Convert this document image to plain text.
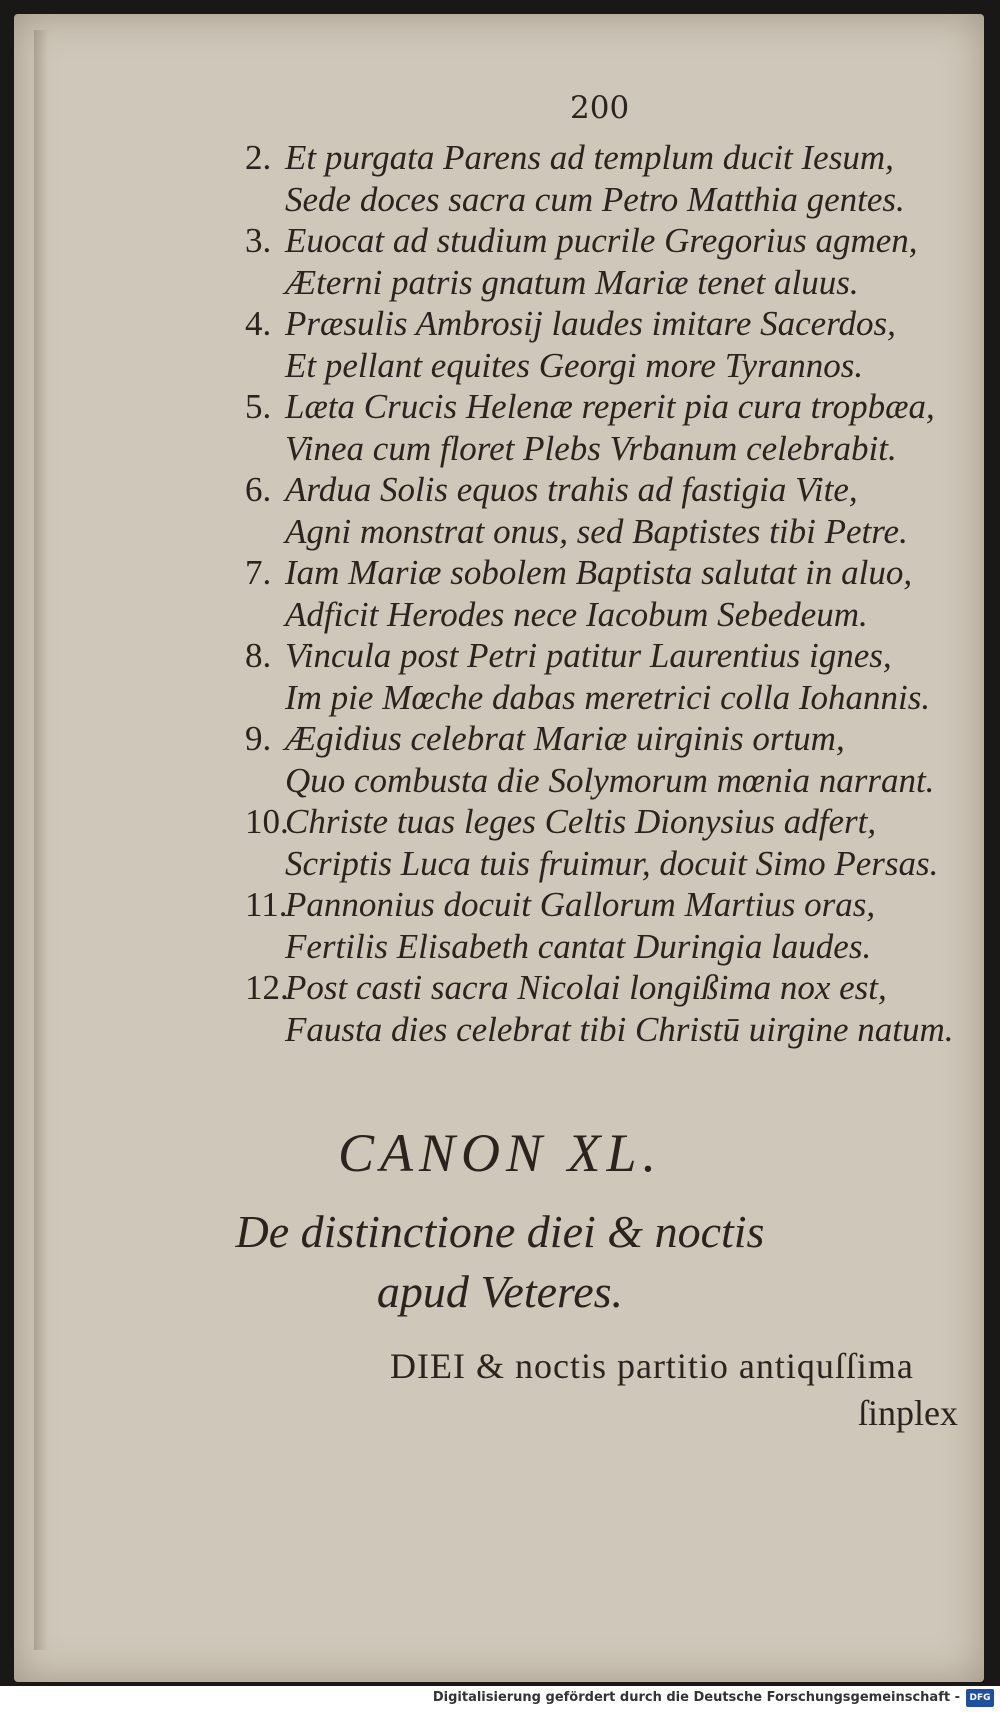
200
2. Et purgata Parens ad templum ducit Iesum,
Sede doces sacra cum Petro Matthia gentes.
3. Euocat ad studium pucrile Gregorius agmen,
Æterni patris gnatum Mariæ tenet aluus.
4. Præsulis Ambrosij laudes imitare Sacerdos,
Et pellant equites Georgi more Tyrannos.
5. Læta Crucis Helenæ reperit pia cura tropbæa,
Vinea cum floret Plebs Vrbanum celebrabit.
6. Ardua Solis equos trahis ad fastigia Vite,
Agni monstrat onus, sed Baptistes tibi Petre.
7. Iam Mariæ sobolem Baptista salutat in aluo,
Adficit Herodes nece Iacobum Sebedeum.
8. Vincula post Petri patitur Laurentius ignes,
Im pie Mœche dabas meretrici colla Iohannis.
9. Ægidius celebrat Mariæ uirginis ortum,
Quo combusta die Solymorum mœnia narrant.
10.Christe tuas leges Celtis Dionysius adfert,
Scriptis Luca tuis fruimur, docuit Simo Persas.
11.Pannonius docuit Gallorum Martius oras,
Fertilis Elisabeth cantat Duringia laudes.
12.Post casti sacra Nicolai longißima nox est,
Fausta dies celebrat tibi Christū uirgine natum.
CANON XL.
De distinctione diei & noctis
apud Veteres.
DIEI & noctis partitio antiquſſima
ſinplex
Digitalisierung gefördert durch die Deutsche Forschungsgemeinschaft -	DFG
